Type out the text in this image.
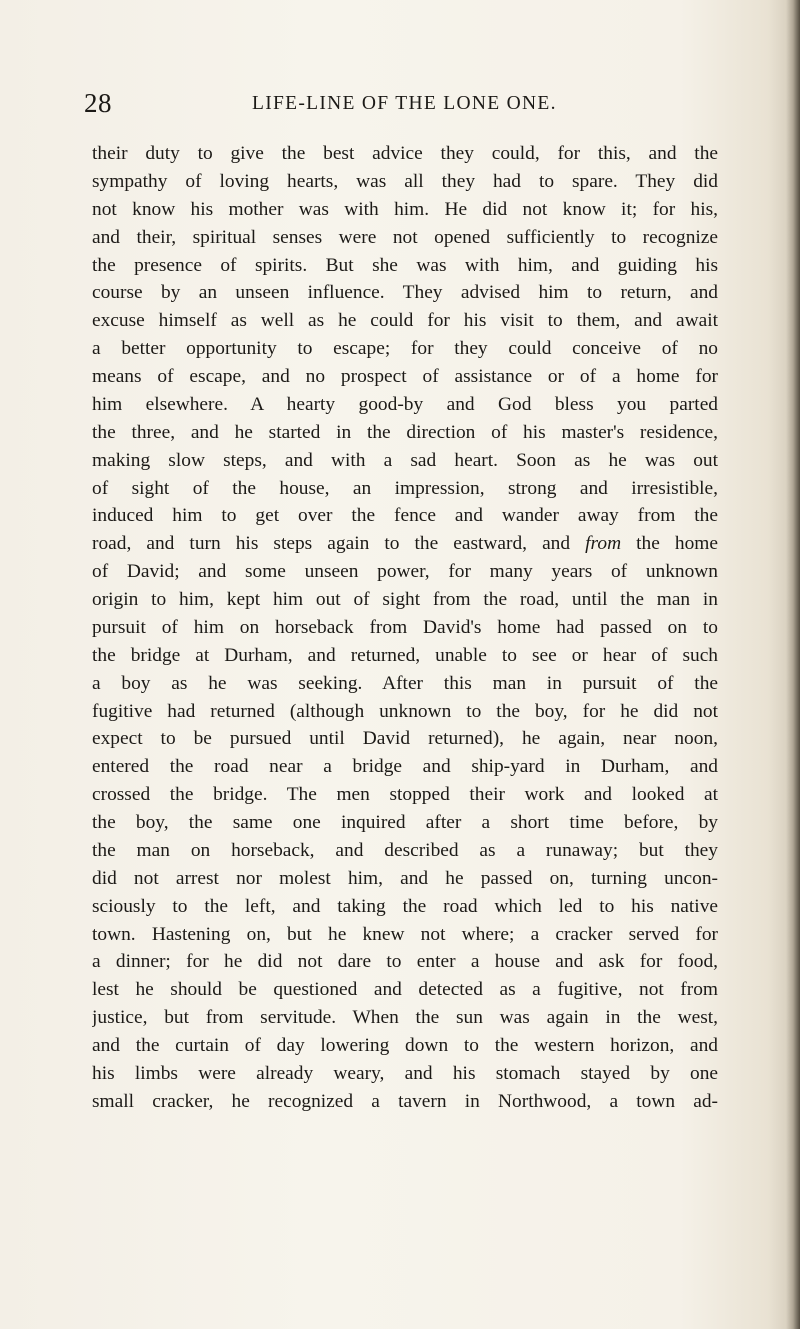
28	LIFE-LINE OF THE LONE ONE.
their duty to give the best advice they could, for this, and the
sympathy of loving hearts, was all they had to spare. They did
not know his mother was with him. He did not know it; for his,
and their, spiritual senses were not opened sufficiently to recognize
the presence of spirits. But she was with him, and guiding his
course by an unseen influence. They advised him to return, and
excuse himself as well as he could for his visit to them, and await
a better opportunity to escape; for they could conceive of no
means of escape, and no prospect of assistance or of a home for
him elsewhere. A hearty good-by and God bless you parted
the three, and he started in the direction of his master's residence,
making slow steps, and with a sad heart. Soon as he was out
of sight of the house, an impression, strong and irresistible,
induced him to get over the fence and wander away from the
road, and turn his steps again to the eastward, and from the home
of David; and some unseen power, for many years of unknown
origin to him, kept him out of sight from the road, until the man in
pursuit of him on horseback from David's home had passed on to
the bridge at Durham, and returned, unable to see or hear of such
a boy as he was seeking. After this man in pursuit of the
fugitive had returned (although unknown to the boy, for he did not
expect to be pursued until David returned), he again, near noon,
entered the road near a bridge and ship-yard in Durham, and
crossed the bridge. The men stopped their work and looked at
the boy, the same one inquired after a short time before, by
the man on horseback, and described as a runaway; but they
did not arrest nor molest him, and he passed on, turning uncon-
sciously to the left, and taking the road which led to his native
town. Hastening on, but he knew not where; a cracker served for
a dinner; for he did not dare to enter a house and ask for food,
lest he should be questioned and detected as a fugitive, not from
justice, but from servitude. When the sun was again in the west,
and the curtain of day lowering down to the western horizon, and
his limbs were already weary, and his stomach stayed by one
small cracker, he recognized a tavern in Northwood, a town ad-
